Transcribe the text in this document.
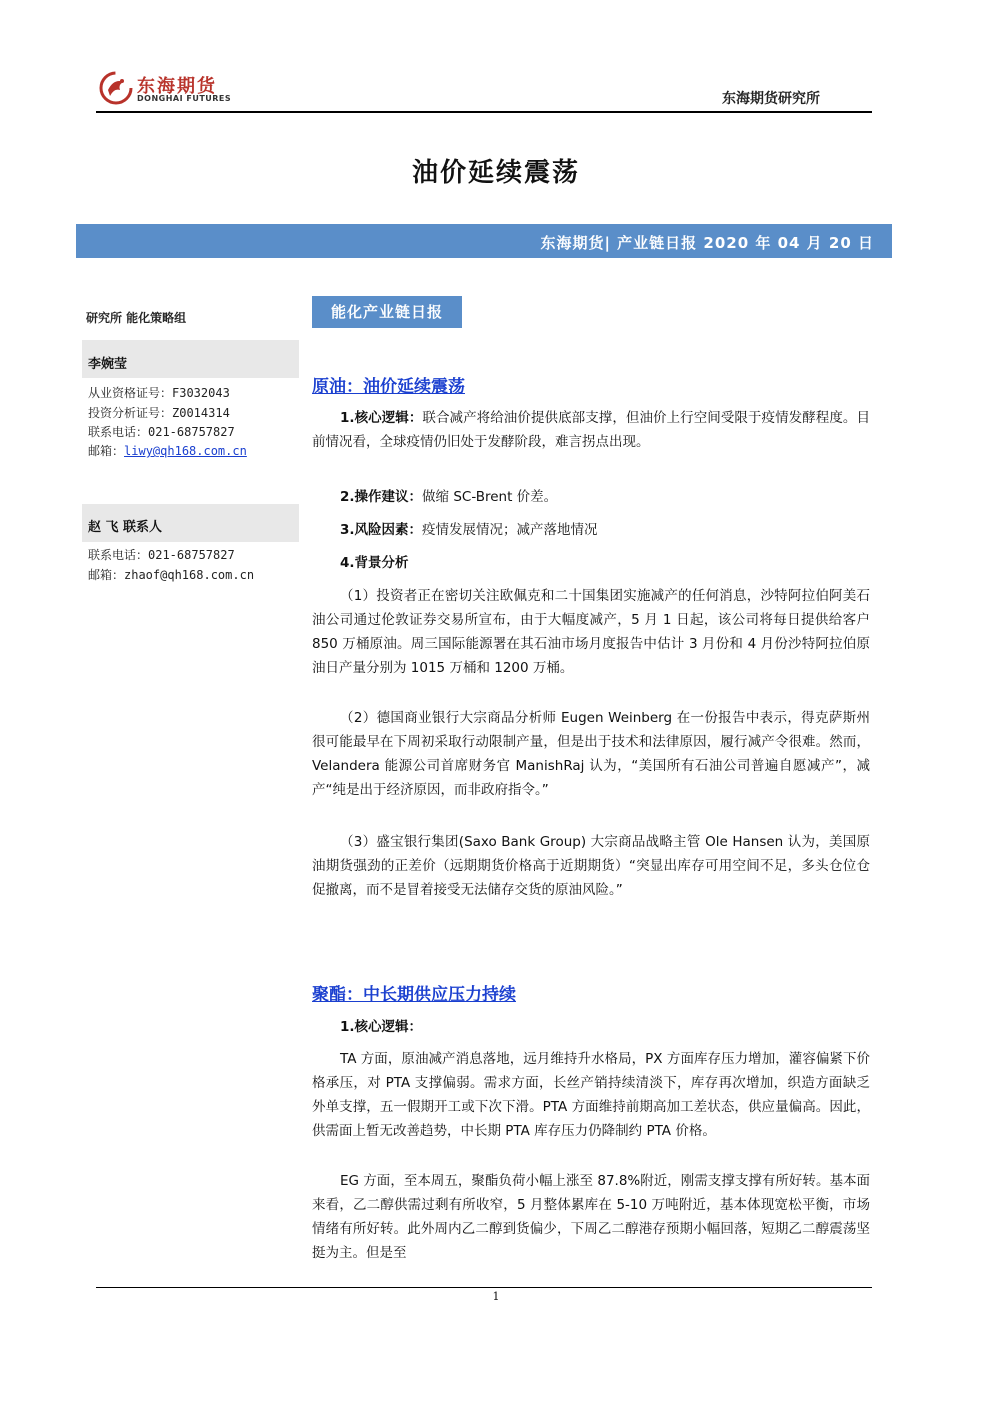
东海期货
DONGHAI FUTURES	东海期货研究所
油价延续震荡
东海期货| 产业链日报 2020 年 04 月 20 日
研究所 能化策略组
李婉莹
从业资格证号：F3032043
投资分析证号：Z0014314
联系电话：021-68757827
邮箱：liwy@qh168.com.cn
赵 飞 联系人
联系电话：021-68757827
邮箱：zhaof@qh168.com.cn
能化产业链日报
原油：油价延续震荡
1.核心逻辑：联合减产将给油价提供底部支撑，但油价上行空间受限于疫情发酵程度。目前情况看，全球疫情仍旧处于发酵阶段，难言拐点出现。
2.操作建议：做缩 SC-Brent 价差。
3.风险因素：疫情发展情况；减产落地情况
4.背景分析
（1）投资者正在密切关注欧佩克和二十国集团实施减产的任何消息，沙特阿拉伯阿美石油公司通过伦敦证券交易所宣布，由于大幅度减产，5 月 1 日起，该公司将每日提供给客户 850 万桶原油。周三国际能源署在其石油市场月度报告中估计 3 月份和 4 月份沙特阿拉伯原油日产量分别为 1015 万桶和 1200 万桶。
（2）德国商业银行大宗商品分析师 Eugen Weinberg 在一份报告中表示，得克萨斯州很可能最早在下周初采取行动限制产量，但是出于技术和法律原因，履行减产令很难。然而，Velandera 能源公司首席财务官 ManishRaj 认为，“美国所有石油公司普遍自愿减产”，减产“纯是出于经济原因，而非政府指令。”
（3）盛宝银行集团(Saxo Bank Group) 大宗商品战略主管 Ole Hansen 认为，美国原油期货强劲的正差价（远期期货价格高于近期期货）“突显出库存可用空间不足，多头仓位仓促撤离，而不是冒着接受无法储存交货的原油风险。”
聚酯：中长期供应压力持续
1.核心逻辑：
TA 方面，原油减产消息落地，远月维持升水格局，PX 方面库存压力增加，灌容偏紧下价格承压，对 PTA 支撑偏弱。需求方面，长丝产销持续清淡下，库存再次增加，织造方面缺乏外单支撑，五一假期开工或下次下滑。PTA 方面维持前期高加工差状态，供应量偏高。因此，供需面上暂无改善趋势，中长期 PTA 库存压力仍降制约 PTA 价格。
EG 方面，至本周五，聚酯负荷小幅上涨至 87.8%附近，刚需支撑支撑有所好转。基本面来看，乙二醇供需过剩有所收窄，5 月整体累库在 5-10 万吨附近，基本体现宽松平衡，市场情绪有所好转。此外周内乙二醇到货偏少，下周乙二醇港存预期小幅回落，短期乙二醇震荡坚挺为主。但是至
1
